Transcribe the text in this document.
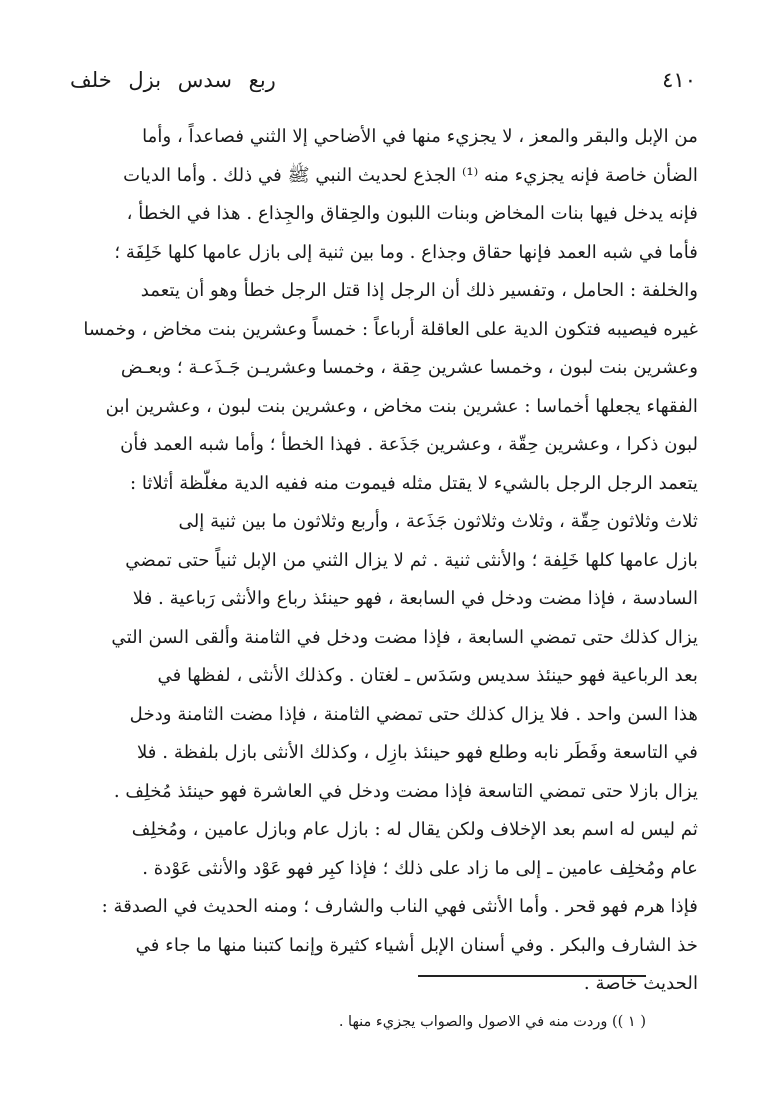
٤١٠
ربع سدس بزل خلف
من الإبل والبقر والمعز ، لا يجزيء منها في الأضاحي إلا الثني فصاعداً ، وأما
الضأن خاصة فإنه يجزيء منه ⁽¹⁾ الجذع لحديث النبي ﷺ في ذلك . وأما الديات
فإنه يدخل فيها بنات المخاض وبنات اللبون والحِقاق والجِذاع . هذا في الخطأ ،
فأما في شبه العمد فإنها حقاق وجذاع . وما بين ثنية إلى بازل عامها كلها خَلِفَة ؛
والخلفة : الحامل ، وتفسير ذلك أن الرجل إذا قتل الرجل خطأ وهو أن يتعمد
غيره فيصيبه فتكون الدية على العاقلة أرباعاً : خمساً وعشرين بنت مخاض ، وخمسا
وعشرين بنت لبون ، وخمسا عشرين حِقة ، وخمسا وعشريـن جَـذَعـة ؛ وبعـض
الفقهاء يجعلها أخماسا : عشرين بنت مخاض ، وعشرين بنت لبون ، وعشرين ابن
لبون ذكرا ، وعشرين حِقّة ، وعشرين جَذَعة . فهذا الخطأ ؛ وأما شبه العمد فأن
يتعمد الرجل الرجل بالشيء لا يقتل مثله فيموت منه ففيه الدية مغلّظة أثلاثا :
ثلاث وثلاثون حِقّة ، وثلاث وثلاثون جَذَعة ، وأربع وثلاثون ما بين ثنية إلى
بازل عامها كلها خَلِفة ؛ والأنثى ثنية . ثم لا يزال الثني من الإبل ثنياً حتى تمضي
السادسة ، فإذا مضت ودخل في السابعة ، فهو حينئذ رباع والأنثى رَباعية . فلا
يزال كذلك حتى تمضي السابعة ، فإذا مضت ودخل في الثامنة وألقى السن التي
بعد الرباعية فهو حينئذ سديس وسَدَس ـ لغتان . وكذلك الأنثى ، لفظها في
هذا السن واحد . فلا يزال كذلك حتى تمضي الثامنة ، فإذا مضت الثامنة ودخل
في التاسعة وفَطَر نابه وطلع فهو حينئذ بازِل ، وكذلك الأنثى بازل بلفظة . فلا
يزال بازلا حتى تمضي التاسعة فإذا مضت ودخل في العاشرة فهو حينئذ مُخلِف .
ثم ليس له اسم بعد الإخلاف ولكن يقال له : بازل عام وبازل عامين ، ومُخلِف
عام ومُخلِف عامين ـ إلى ما زاد على ذلك ؛ فإذا كبِر فهو عَوْد والأنثى عَوْدة .
فإذا هرم فهو قحر . وأما الأنثى فهي الناب والشارف ؛ ومنه الحديث في الصدقة :
خذ الشارف والبكر . وفي أسنان الإبل أشياء كثيرة وإنما كتبنا منها ما جاء في
الحديث خاصة .
( ١ )) وردت منه في الاصول والصواب يجزيء منها .
